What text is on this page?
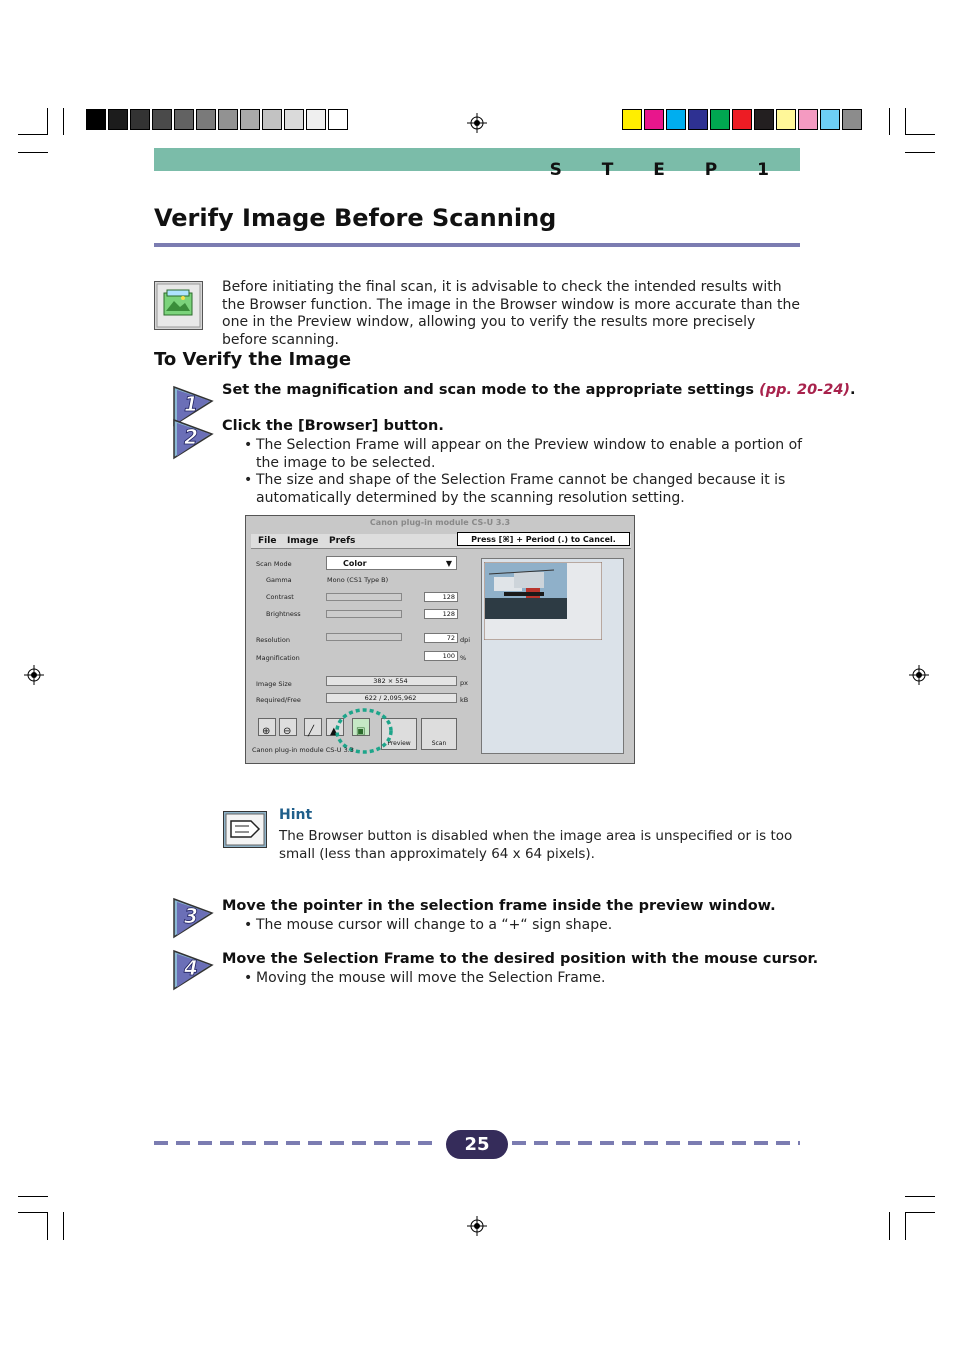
S T E P 1
Verify Image Before Scanning
Before initiating the final scan, it is advisable to check the intended results with the Browser function. The image in the Browser window is more accurate than the one in the Preview window, allowing you to verify the results more precisely before scanning.
To Verify the Image
1
Set the magnification and scan mode to the appropriate settings (pp. 20-24).
2 Click the [Browser] button.
• The Selection Frame will appear on the Preview window to enable a portion of the image to be selected.
• The size and shape of the Selection Frame cannot be changed because it is automatically determined by the scanning resolution setting.
Canon plug-in module CS-U 3.3
File Image Prefs	Press [⌘] + Period (.) to Cancel.
Scan Mode	Color	▼
Gamma	Mono (CS1 Type B)
Contrast	128
Brightness	128
Resolution	72 dpi
Magnification	100 %
Image Size	382 × 554	px
Required/Free	622 / 2,095,962	kB
⊕	⊖	╱	▲	▣
Preview	Scan
Canon plug-in module CS-U 3.3
Hint
The Browser button is disabled when the image area is unspecified or is too small (less than approximately 64 x 64 pixels).
3 Move the pointer in the selection frame inside the preview window.
• The mouse cursor will change to a “+“ sign shape.
4 Move the Selection Frame to the desired position with the mouse cursor.
• Moving the mouse will move the Selection Frame.
25
